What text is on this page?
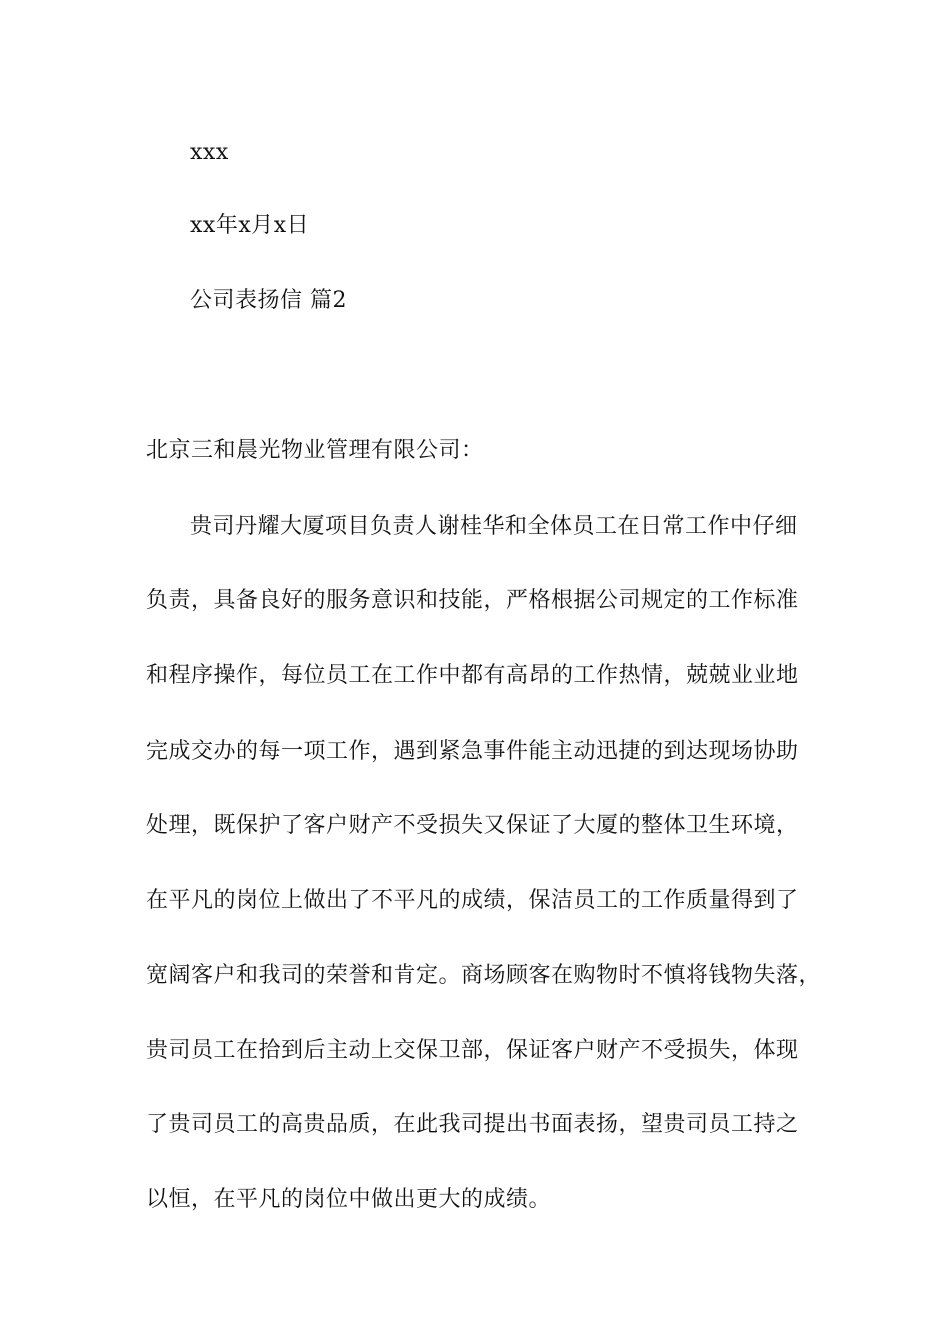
xxx
xx年x月x日
公司表扬信 篇2
北京三和晨光物业管理有限公司：
贵司丹耀大厦项目负责人谢桂华和全体员工在日常工作中仔细
负责，具备良好的服务意识和技能，严格根据公司规定的工作标准
和程序操作，每位员工在工作中都有高昂的工作热情，兢兢业业地
完成交办的每一项工作，遇到紧急事件能主动迅捷的到达现场协助
处理，既保护了客户财产不受损失又保证了大厦的整体卫生环境，
在平凡的岗位上做出了不平凡的成绩，保洁员工的工作质量得到了
宽阔客户和我司的荣誉和肯定。商场顾客在购物时不慎将钱物失落，
贵司员工在拾到后主动上交保卫部，保证客户财产不受损失，体现
了贵司员工的高贵品质，在此我司提出书面表扬，望贵司员工持之
以恒，在平凡的岗位中做出更大的成绩。
